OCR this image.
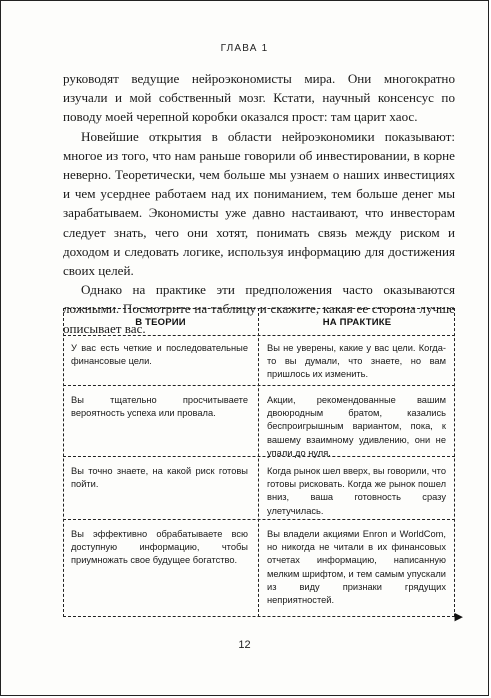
ГЛАВА 1

руководят ведущие нейроэкономисты мира. Они многократно изучали и мой собственный мозг. Кстати, научный консенсус по поводу моей черепной коробки оказался прост: там царит хаос.

Новейшие открытия в области нейроэкономики показывают: многое из того, что нам раньше говорили об инвестировании, в корне неверно. Теоретически, чем больше мы узнаем о наших инвестициях и чем усерднее работаем над их пониманием, тем больше денег мы зарабатываем. Экономисты уже давно настаивают, что инвесторам следует знать, чего они хотят, понимать связь между риском и доходом и следовать логике, используя информацию для достижения своих целей.

Однако на практике эти предположения часто оказываются ложными. Посмотрите на таблицу и скажите, какая ее сторона лучше описывает вас.

В ТЕОРИИ	НА ПРАКТИКЕ
У вас есть четкие и последовательные финансовые цели.
Вы не уверены, какие у вас цели. Когда-то вы думали, что знаете, но вам пришлось их изменить.
Вы тщательно просчитываете вероятность успеха или провала.
Акции, рекомендованные вашим двоюродным братом, казались беспроигрышным вариантом, пока, к вашему взаимному удивлению, они не упали до нуля.
Вы точно знаете, на какой риск готовы пойти.
Когда рынок шел вверх, вы говорили, что готовы рисковать. Когда же рынок пошел вниз, ваша готовность сразу улетучилась.
Вы эффективно обрабатываете всю доступную информацию, чтобы приумножать свое будущее богатство.
Вы владели акциями Enron и WorldCom, но никогда не читали в их финансовых отчетах информацию, написанную мелким шрифтом, и тем самым упускали из виду признаки грядущих неприятностей.
▶
12
